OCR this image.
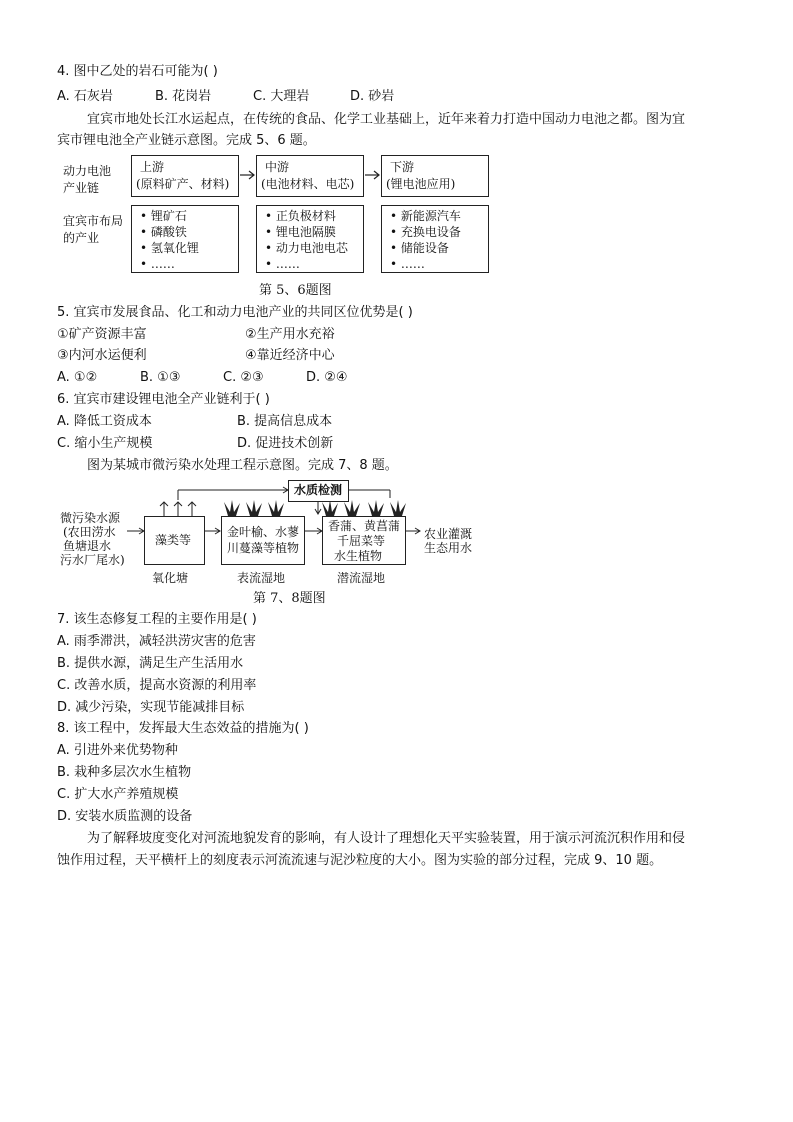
4. 图中乙处的岩石可能为( )
A. 石灰岩	B. 花岗岩	C. 大理岩	D. 砂岩
宜宾市地处长江水运起点，在传统的食品、化学工业基础上，近年来着力打造中国动力电池之都。图为宜
宾市锂电池全产业链示意图。完成 5、6 题。
动力电池
产业链
宜宾市布局
的产业
上游
(原料矿产、材料)
中游
(电池材料、电芯)
下游
(锂电池应用)
• 锂矿石
• 磷酸铁
• 氢氧化锂
• ……
• 正负极材料
• 锂电池隔膜
• 动力电池电芯
• ……
• 新能源汽车
• 充换电设备
• 储能设备
• ……
第 5、6题图
5. 宜宾市发展食品、化工和动力电池产业的共同区位优势是( )
①矿产资源丰富	②生产用水充裕
③内河水运便利	④靠近经济中心
A. ①②	B. ①③	C. ②③	D. ②④
6. 宜宾市建设锂电池全产业链利于( )
A. 降低工资成本	B. 提高信息成本
C. 缩小生产规模	D. 促进技术创新
图为某城市微污染水处理工程示意图。完成 7、8 题。
水质检测
微污染水源
(农田涝水
鱼塘退水
污水厂尾水)
藻类等
氧化塘
金叶榆、水蓼
川蔓藻等植物
表流湿地
香蒲、黄菖蒲
千屈菜等
水生植物
潜流湿地
农业灌溉
生态用水
第 7、8题图
7. 该生态修复工程的主要作用是( )
A. 雨季滞洪，减轻洪涝灾害的危害
B. 提供水源，满足生产生活用水
C. 改善水质，提高水资源的利用率
D. 减少污染，实现节能减排目标
8. 该工程中，发挥最大生态效益的措施为( )
A. 引进外来优势物种
B. 栽种多层次水生植物
C. 扩大水产养殖规模
D. 安装水质监测的设备
为了解释坡度变化对河流地貌发育的影响，有人设计了理想化天平实验装置，用于演示河流沉积作用和侵
蚀作用过程，天平横杆上的刻度表示河流流速与泥沙粒度的大小。图为实验的部分过程，完成 9、10 题。
